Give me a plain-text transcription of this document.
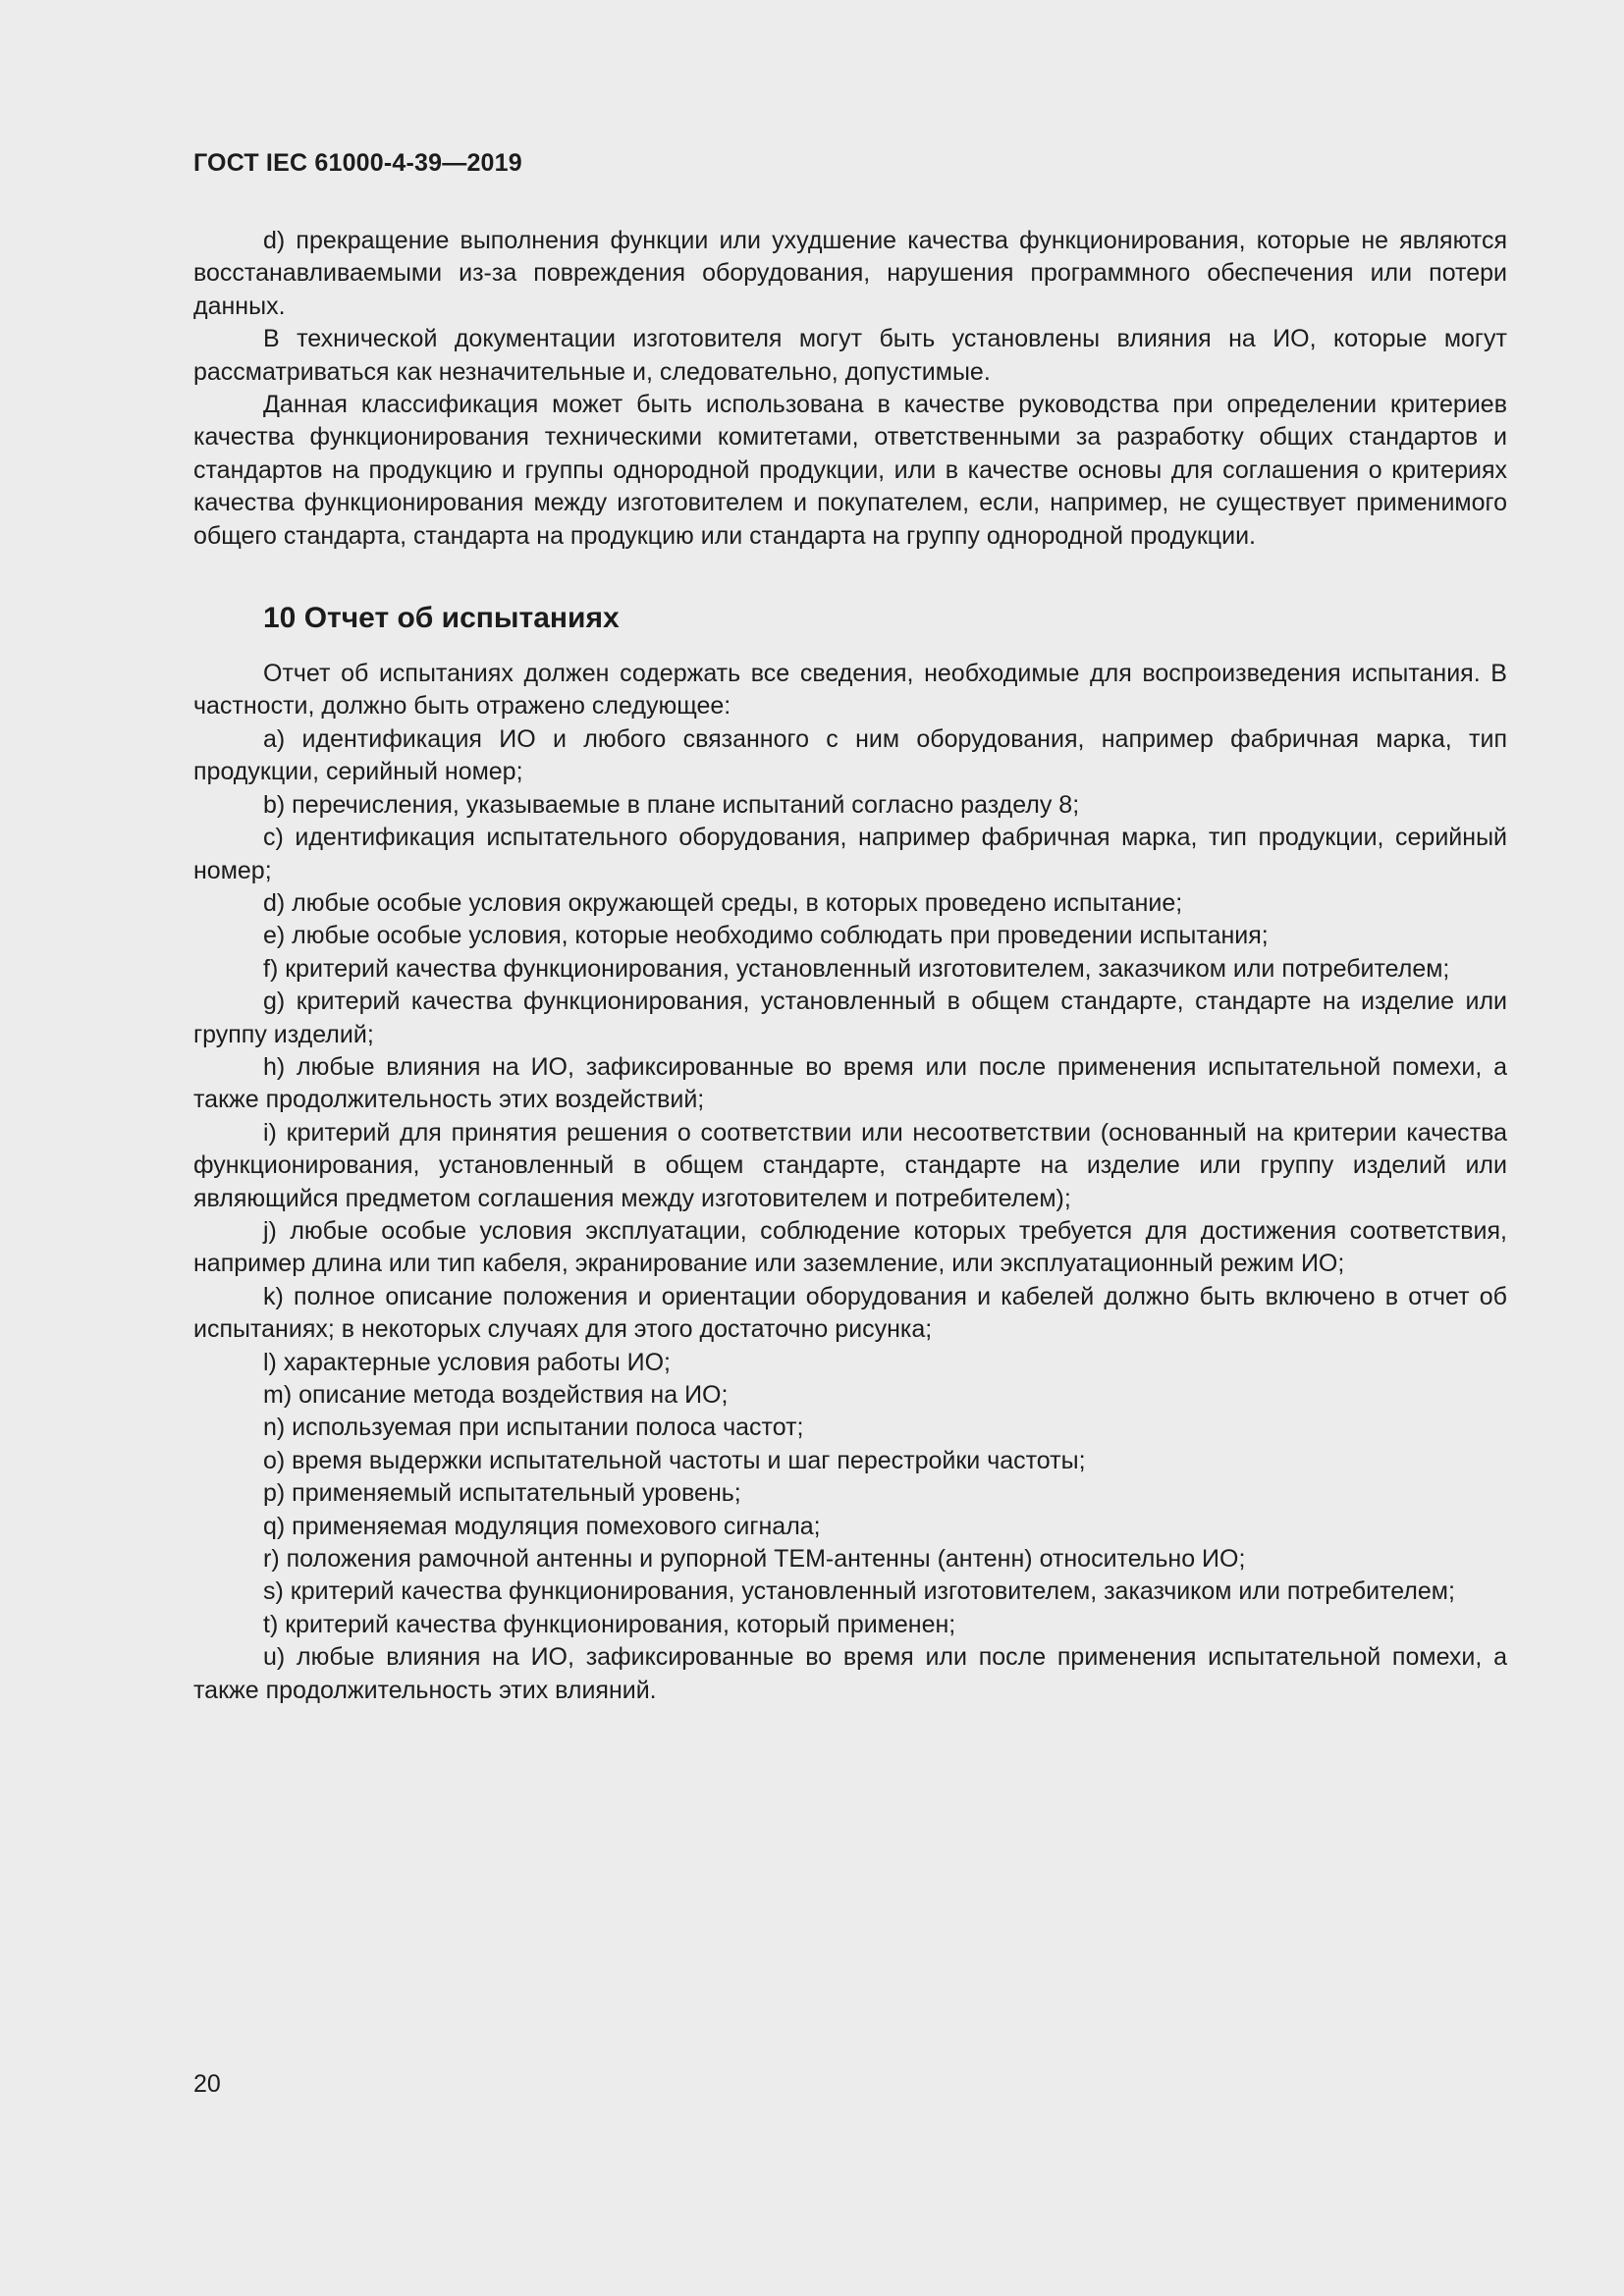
ГОСТ IEC 61000-4-39—2019

d) прекращение выполнения функции или ухудшение качества функционирования, которые не являются восстанавливаемыми из-за повреждения оборудования, нарушения программного обеспечения или потери данных.

В технической документации изготовителя могут быть установлены влияния на ИО, которые могут рассматриваться как незначительные и, следовательно, допустимые.

Данная классификация может быть использована в качестве руководства при определении критериев качества функционирования техническими комитетами, ответственными за разработку общих стандартов и стандартов на продукцию и группы однородной продукции, или в качестве основы для соглашения о критериях качества функционирования между изготовителем и покупателем, если, например, не существует применимого общего стандарта, стандарта на продукцию или стандарта на группу однородной продукции.

10 Отчет об испытаниях

Отчет об испытаниях должен содержать все сведения, необходимые для воспроизведения испытания. В частности, должно быть отражено следующее:

a) идентификация ИО и любого связанного с ним оборудования, например фабричная марка, тип продукции, серийный номер;

b) перечисления, указываемые в плане испытаний согласно разделу 8;

c) идентификация испытательного оборудования, например фабричная марка, тип продукции, серийный номер;

d) любые особые условия окружающей среды, в которых проведено испытание;

e) любые особые условия, которые необходимо соблюдать при проведении испытания;

f) критерий качества функционирования, установленный изготовителем, заказчиком или потребителем;

g) критерий качества функционирования, установленный в общем стандарте, стандарте на изделие или группу изделий;

h) любые влияния на ИО, зафиксированные во время или после применения испытательной помехи, а также продолжительность этих воздействий;

i) критерий для принятия решения о соответствии или несоответствии (основанный на критерии качества функционирования, установленный в общем стандарте, стандарте на изделие или группу изделий или являющийся предметом соглашения между изготовителем и потребителем);

j) любые особые условия эксплуатации, соблюдение которых требуется для достижения соответствия, например длина или тип кабеля, экранирование или заземление, или эксплуатационный режим ИО;

k) полное описание положения и ориентации оборудования и кабелей должно быть включено в отчет об испытаниях; в некоторых случаях для этого достаточно рисунка;

l) характерные условия работы ИО;

m) описание метода воздействия на ИО;

n) используемая при испытании полоса частот;

o) время выдержки испытательной частоты и шаг перестройки частоты;

p) применяемый испытательный уровень;

q) применяемая модуляция помехового сигнала;

r) положения рамочной антенны и рупорной ТЕМ-антенны (антенн) относительно ИО;

s) критерий качества функционирования, установленный изготовителем, заказчиком или потребителем;

t) критерий качества функционирования, который применен;

u) любые влияния на ИО, зафиксированные во время или после применения испытательной помехи, а также продолжительность этих влияний.

20
